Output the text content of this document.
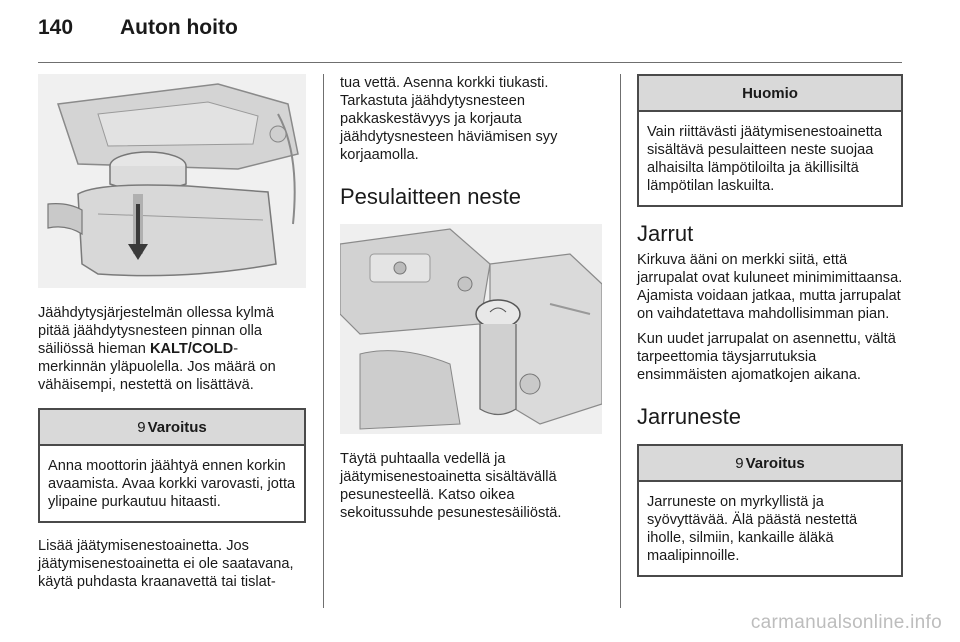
140	Auton hoito
Jäähdytysjärjestelmän ollessa kylmä pitää jäähdytysnesteen pinnan olla säiliössä hieman KALT/COLD-merkinnän yläpuolella. Jos määrä on vähäisempi, nestettä on lisättävä.
9 Varoitus
Anna moottorin jäähtyä ennen korkin avaamista. Avaa korkki varovasti, jotta ylipaine purkautuu hitaasti.
Lisää jäätymisenestoainetta. Jos jäätymisenestoainetta ei ole saatavana, käytä puhdasta kraanavettä tai tislat-
tua vettä. Asenna korkki tiukasti. Tarkastuta jäähdytysnesteen pakkaskestävyys ja korjauta jäähdytysnesteen häviämisen syy korjaamolla.
Pesulaitteen neste
Täytä puhtaalla vedellä ja jäätymisenestoainetta sisältävällä pesunesteellä. Katso oikea sekoitussuhde pesunestesäiliöstä.
Huomio
Vain riittävästi jäätymisenestoainetta sisältävä pesulaitteen neste suojaa alhaisilta lämpötiloilta ja äkillisiltä lämpötilan laskuilta.
Jarrut
Kirkuva ääni on merkki siitä, että jarrupalat ovat kuluneet minimimittaansa. Ajamista voidaan jatkaa, mutta jarrupalat on vaihdatettava mahdollisimman pian.
Kun uudet jarrupalat on asennettu, vältä tarpeettomia täysjarrutuksia ensimmäisten ajomatkojen aikana.
Jarruneste
9 Varoitus
Jarruneste on myrkyllistä ja syövyttävää. Älä päästä nestettä iholle, silmiin, kankaille äläkä maalipinnoille.
carmanualsonline.info
